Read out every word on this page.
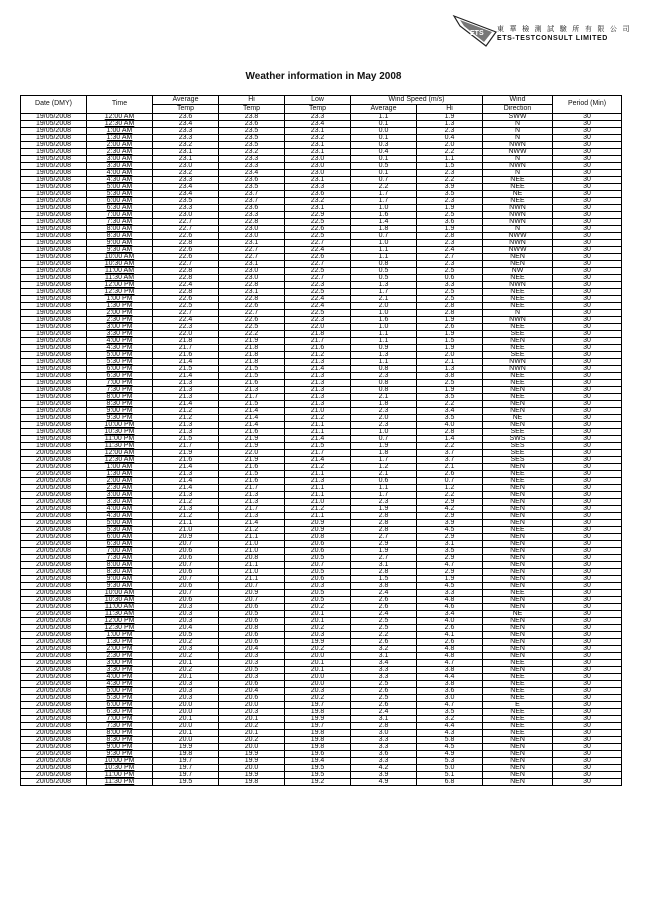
ETS
東 華 檢 測 試 驗 所 有 限 公 司
ETS-TESTCONSULT LIMITED
Weather information in May 2008
Date (DMY)	Time	Average	Hi	Low	Wind Speed (m/s)		Wind	Period (Min)
		Temp	Temp	Temp	Average	Hi	Direction	
19/05/2008	12:00 AM	23.6	23.8	23.3	1.1	1.9	SWW	30
19/05/2008	12:30 AM	23.4	23.6	23.4	0.1	1.3	N	30
19/05/2008	1:00 AM	23.3	23.5	23.1	0.0	2.3	N	30
19/05/2008	1:30 AM	23.3	23.5	23.2	0.1	0.4	N	30
19/05/2008	2:00 AM	23.2	23.5	23.1	0.3	2.0	NWN	30
19/05/2008	2:30 AM	23.1	23.2	23.1	0.4	2.2	NWW	30
19/05/2008	3:00 AM	23.1	23.3	23.0	0.1	1.1	N	30
19/05/2008	3:30 AM	23.0	23.3	23.0	0.5	1.5	NWN	30
19/05/2008	4:00 AM	23.2	23.4	23.0	0.1	2.3	N	30
19/05/2008	4:30 AM	23.3	23.6	23.1	0.7	2.2	NEE	30
19/05/2008	5:00 AM	23.4	23.5	23.3	2.2	3.9	NEE	30
19/05/2008	5:30 AM	23.4	23.7	23.6	1.7	3.5	NE	30
19/05/2008	6:00 AM	23.5	23.7	23.2	1.7	2.3	NEE	30
19/05/2008	6:30 AM	23.3	23.6	23.1	1.0	1.9	NWN	30
19/05/2008	7:00 AM	23.0	23.3	22.9	1.6	2.5	NWN	30
19/05/2008	7:30 AM	22.7	22.8	22.5	1.4	3.6	NWN	30
19/05/2008	8:00 AM	22.7	23.0	22.6	1.8	1.9	N	30
19/05/2008	8:30 AM	22.6	23.0	22.5	0.7	2.8	NWW	30
19/05/2008	9:00 AM	22.8	23.1	22.7	1.0	2.3	NWN	30
19/05/2008	9:30 AM	22.6	22.7	22.4	1.1	2.4	NWW	30
19/05/2008	10:00 AM	22.6	22.7	22.6	1.1	2.7	NEN	30
19/05/2008	10:30 AM	22.7	23.1	22.7	0.8	2.3	NEN	30
19/05/2008	11:00 AM	22.8	23.0	22.5	0.5	2.5	NW	30
19/05/2008	11:30 AM	22.8	23.0	22.7	0.5	0.6	NEE	30
19/05/2008	12:00 PM	22.4	22.8	22.3	1.3	3.3	NWN	30
19/05/2008	12:30 PM	22.8	23.1	22.5	1.7	2.5	NEE	30
19/05/2008	1:00 PM	22.6	22.8	22.4	2.1	2.5	NEE	30
19/05/2008	1:30 PM	22.5	22.6	22.4	2.0	2.8	NEE	30
19/05/2008	2:00 PM	22.7	22.7	22.5	1.0	2.8	N	30
19/05/2008	2:30 PM	22.4	22.6	22.3	1.6	1.9	NWN	30
19/05/2008	3:00 PM	22.3	22.5	22.0	1.0	2.6	NEE	30
19/05/2008	3:30 PM	22.0	22.2	21.8	1.1	1.9	SEE	30
19/05/2008	4:00 PM	21.8	21.9	21.7	1.1	1.5	NEN	30
19/05/2008	4:30 PM	21.7	21.8	21.6	0.9	1.9	NEE	30
19/05/2008	5:00 PM	21.6	21.8	21.2	1.3	2.0	SEE	30
19/05/2008	5:30 PM	21.4	21.8	21.3	1.1	2.1	NWN	30
19/05/2008	6:00 PM	21.5	21.5	21.4	0.8	1.3	NWN	30
19/05/2008	6:30 PM	21.4	21.5	21.3	2.3	3.8	NEE	30
19/05/2008	7:00 PM	21.3	21.6	21.3	0.8	2.5	NEE	30
19/05/2008	7:30 PM	21.3	21.3	21.3	0.8	1.9	NEN	30
19/05/2008	8:00 PM	21.3	21.7	21.3	2.1	3.5	NEE	30
19/05/2008	8:30 PM	21.4	21.5	21.3	1.8	2.2	NEN	30
19/05/2008	9:00 PM	21.2	21.4	21.0	2.3	3.4	NEN	30
19/05/2008	9:30 PM	21.2	21.4	21.2	2.0	3.5	NE	30
19/05/2008	10:00 PM	21.3	21.4	21.1	2.3	4.0	NEN	30
19/05/2008	10:30 PM	21.3	21.6	21.1	1.0	2.8	SEE	30
19/05/2008	11:00 PM	21.5	21.9	21.4	0.7	1.4	SWS	30
19/05/2008	11:30 PM	21.7	21.9	21.5	1.9	2.2	SES	30
20/05/2008	12:00 AM	21.9	22.0	21.7	1.8	3.7	SEE	30
20/05/2008	12:30 AM	21.6	21.9	21.4	1.7	3.7	SES	30
20/05/2008	1:00 AM	21.4	21.6	21.2	1.2	2.1	NEN	30
20/05/2008	1:30 AM	21.3	21.5	21.1	2.1	2.6	NEE	30
20/05/2008	2:00 AM	21.4	21.6	21.3	0.6	0.7	NEE	30
20/05/2008	2:30 AM	21.4	21.7	21.1	1.1	1.2	NEN	30
20/05/2008	3:00 AM	21.3	21.3	21.1	1.7	2.2	NEN	30
20/05/2008	3:30 AM	21.2	21.3	21.0	2.3	2.9	NEN	30
20/05/2008	4:00 AM	21.3	21.7	21.2	1.9	4.2	NEN	30
20/05/2008	4:30 AM	21.2	21.3	21.1	2.8	2.9	NEN	30
20/05/2008	5:00 AM	21.1	21.4	20.9	2.8	3.9	NEN	30
20/05/2008	5:30 AM	21.0	21.2	20.9	2.8	4.5	NEE	30
20/05/2008	6:00 AM	20.9	21.1	20.8	2.7	2.9	NEN	30
20/05/2008	6:30 AM	20.7	21.0	20.6	2.9	3.1	NEN	30
20/05/2008	7:00 AM	20.6	21.0	20.6	1.9	3.5	NEN	30
20/05/2008	7:30 AM	20.6	20.8	20.5	2.7	2.9	NEN	30
20/05/2008	8:00 AM	20.7	21.1	20.7	3.1	4.7	NEN	30
20/05/2008	8:30 AM	20.6	21.0	20.5	2.8	2.9	NEN	30
20/05/2008	9:00 AM	20.7	21.1	20.6	1.5	1.9	NEN	30
20/05/2008	9:30 AM	20.6	20.7	20.3	3.8	4.5	NEN	30
20/05/2008	10:00 AM	20.7	20.9	20.5	2.4	3.3	NEE	30
20/05/2008	10:30 AM	20.6	20.7	20.5	2.6	4.8	NEN	30
20/05/2008	11:00 AM	20.3	20.6	20.2	2.6	4.6	NEN	30
20/05/2008	11:30 AM	20.3	20.5	20.1	2.4	3.4	NE	30
20/05/2008	12:00 PM	20.3	20.6	20.1	2.5	4.0	NEN	30
20/05/2008	12:30 PM	20.4	20.8	20.2	2.5	2.6	NEN	30
20/05/2008	1:00 PM	20.5	20.6	20.3	2.2	4.1	NEN	30
20/05/2008	1:30 PM	20.2	20.6	19.9	2.6	2.6	NEN	30
20/05/2008	2:00 PM	20.3	20.4	20.2	3.2	4.8	NEN	30
20/05/2008	2:30 PM	20.2	20.3	20.0	3.1	4.8	NEN	30
20/05/2008	3:00 PM	20.1	20.3	20.1	3.4	4.7	NEE	30
20/05/2008	3:30 PM	20.2	20.5	20.1	3.3	3.8	NEN	30
20/05/2008	4:00 PM	20.1	20.3	20.0	3.3	4.4	NEE	30
20/05/2008	4:30 PM	20.3	20.6	20.0	2.5	3.8	NEE	30
20/05/2008	5:00 PM	20.3	20.4	20.3	2.6	3.6	NEE	30
20/05/2008	5:30 PM	20.3	20.6	20.2	2.5	3.0	NEE	30
20/05/2008	6:00 PM	20.0	20.0	19.7	2.6	4.7	E	30
20/05/2008	6:30 PM	20.0	20.3	19.8	2.4	3.5	NEE	30
20/05/2008	7:00 PM	20.1	20.1	19.9	3.1	3.2	NEE	30
20/05/2008	7:30 PM	20.0	20.2	19.7	2.8	4.4	NEE	30
20/05/2008	8:00 PM	20.1	20.1	19.8	3.0	4.3	NEE	30
20/05/2008	8:30 PM	20.0	20.2	19.8	3.3	5.8	NEN	30
20/05/2008	9:00 PM	19.9	20.0	19.8	3.3	4.5	NEN	30
20/05/2008	9:30 PM	19.8	19.9	19.6	3.6	4.9	NEN	30
20/05/2008	10:00 PM	19.7	19.9	19.4	3.3	5.3	NEN	30
20/05/2008	10:30 PM	19.7	20.0	19.5	4.2	5.0	NEN	30
20/05/2008	11:00 PM	19.7	19.9	19.5	3.9	5.1	NEN	30
20/05/2008	11:30 PM	19.5	19.8	19.2	4.9	6.8	NEN	30
